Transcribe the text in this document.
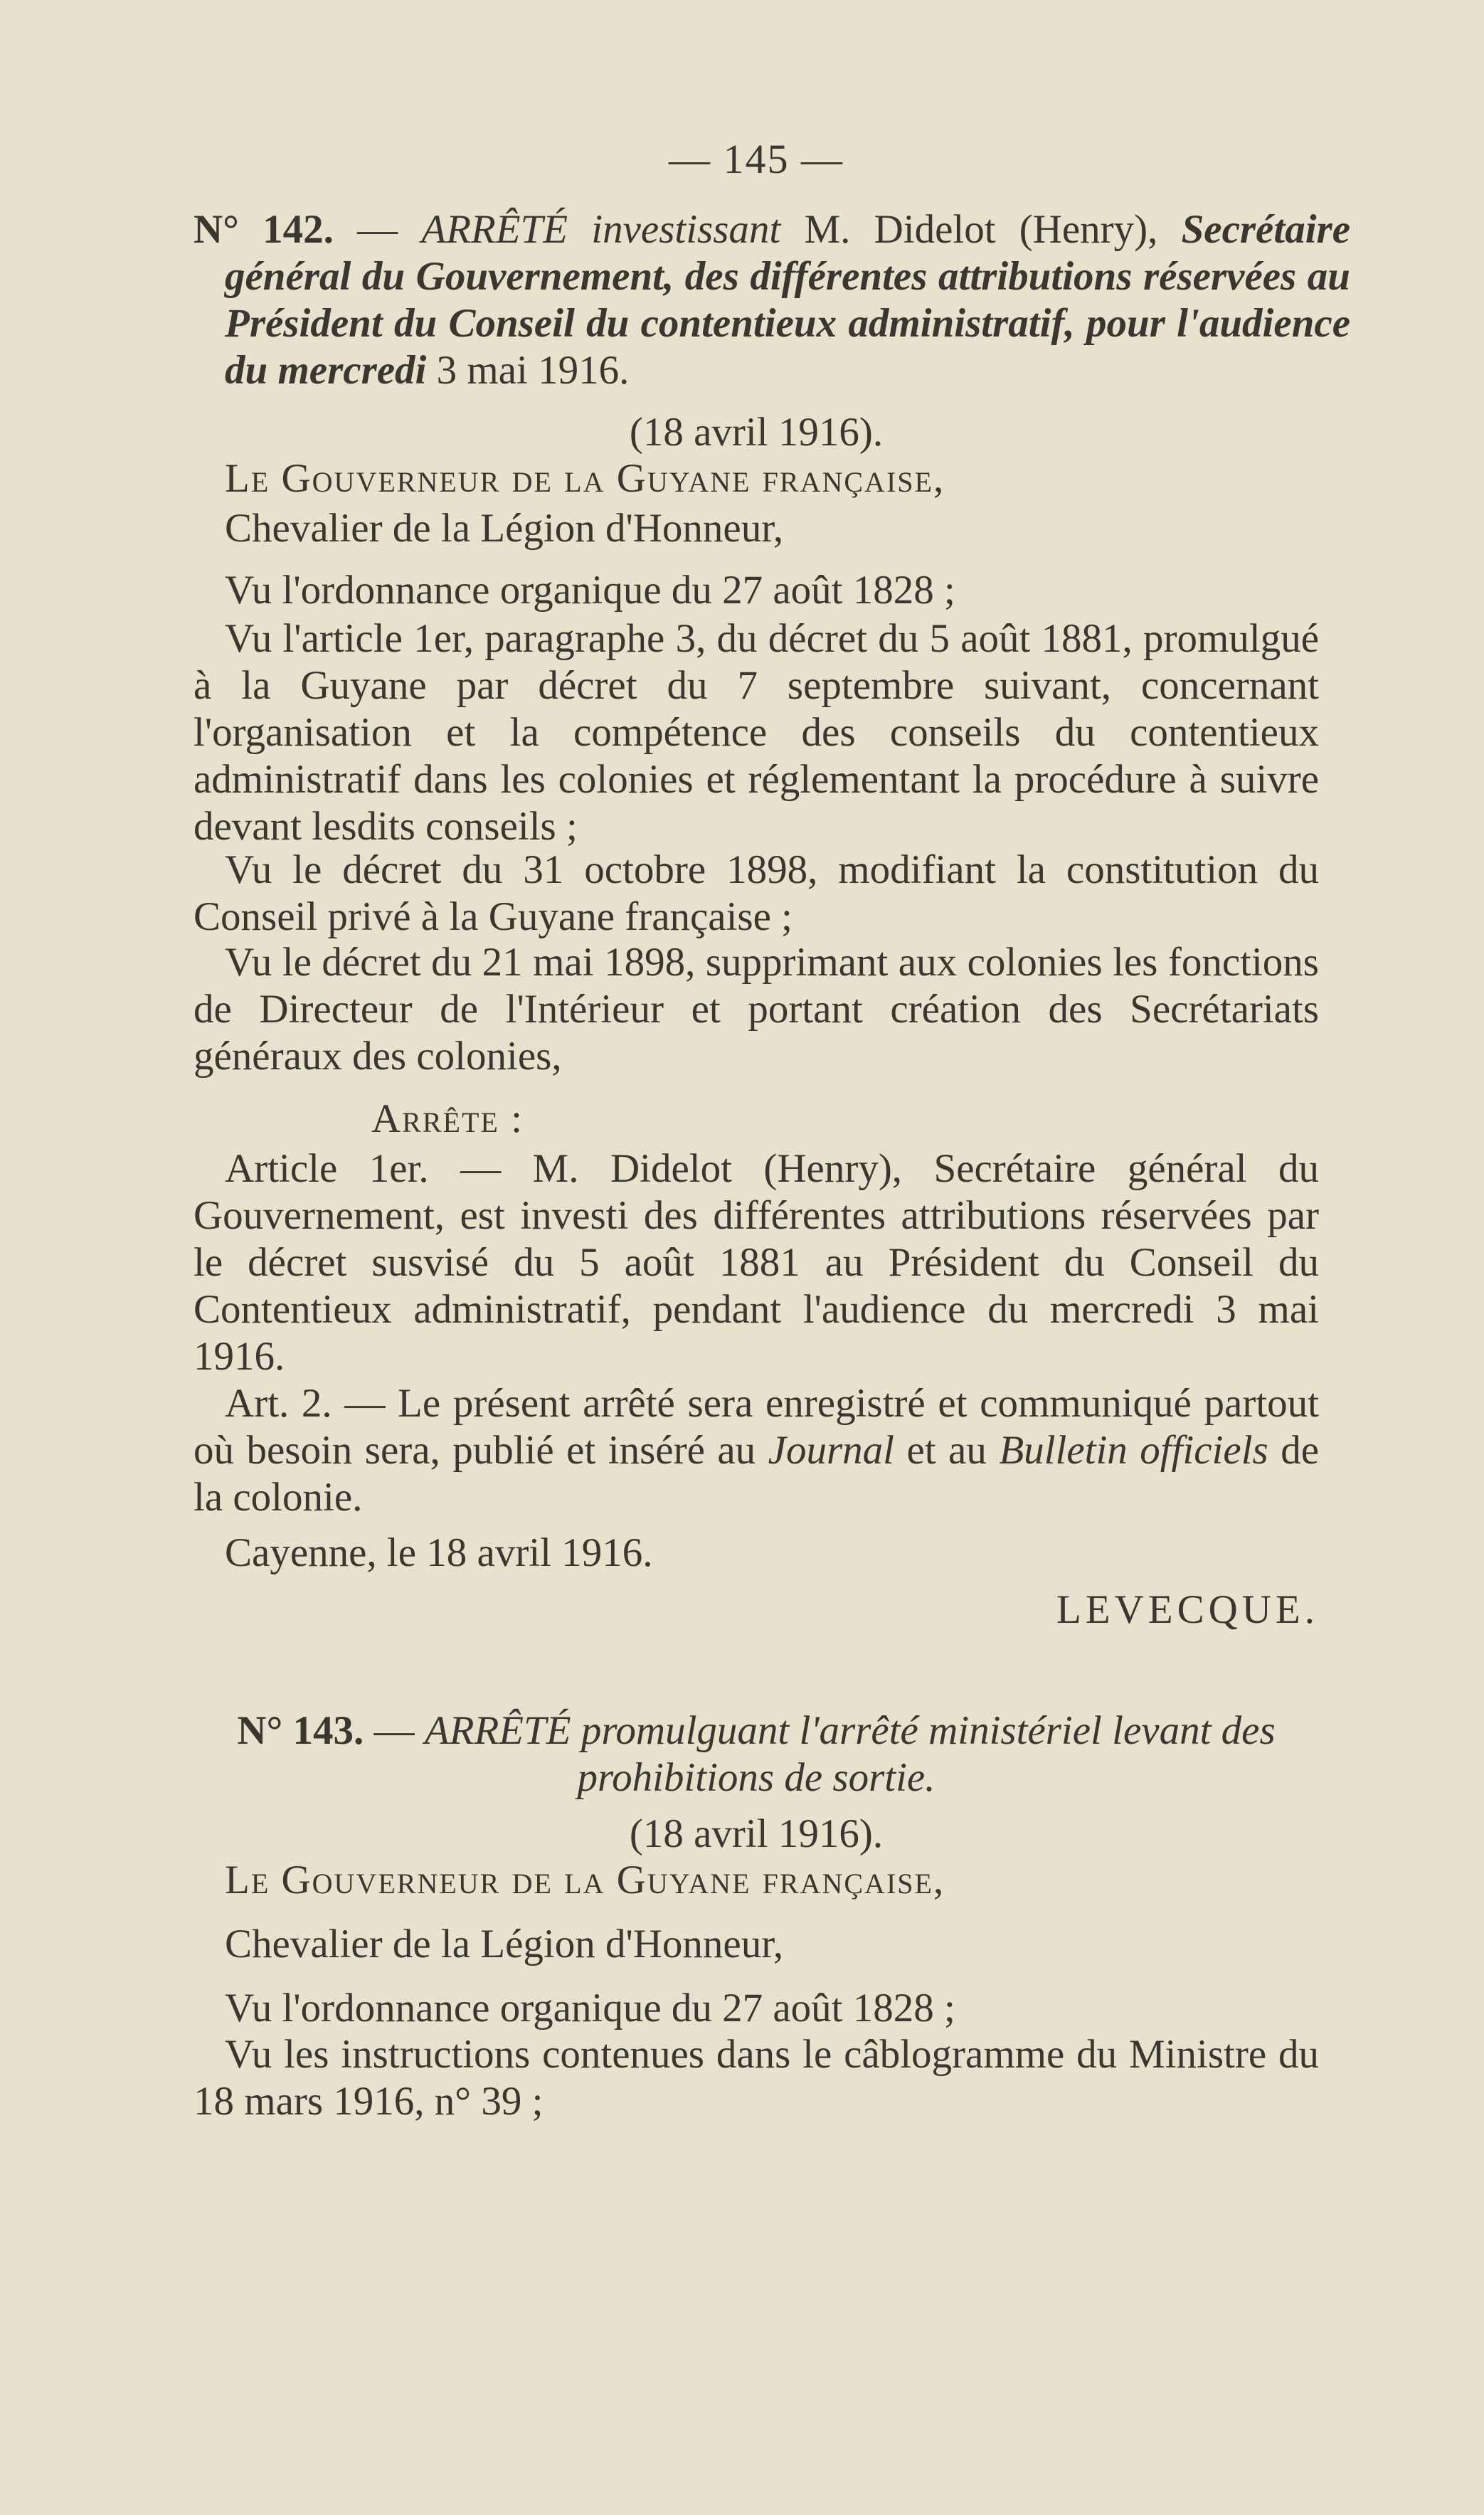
— 145 —

N° 142. — ARRÊTÉ investissant M. Didelot (Henry), Secrétaire général du Gouvernement, des différentes attributions réservées au Président du Conseil du contentieux administratif, pour l'audience du mercredi 3 mai 1916.

(18 avril 1916).

Le Gouverneur de la Guyane française,

Chevalier de la Légion d'Honneur,

Vu l'ordonnance organique du 27 août 1828 ;

Vu l'article 1er, paragraphe 3, du décret du 5 août 1881, promulgué à la Guyane par décret du 7 septembre suivant, concernant l'organisation et la compétence des conseils du contentieux administratif dans les colonies et réglementant la procédure à suivre devant lesdits conseils ;

Vu le décret du 31 octobre 1898, modifiant la constitution du Conseil privé à la Guyane française ;

Vu le décret du 21 mai 1898, supprimant aux colonies les fonctions de Directeur de l'Intérieur et portant création des Secrétariats généraux des colonies,

Arrête :

Article 1er. — M. Didelot (Henry), Secrétaire général du Gouvernement, est investi des différentes attributions réservées par le décret susvisé du 5 août 1881 au Président du Conseil du Contentieux administratif, pendant l'audience du mercredi 3 mai 1916.

Art. 2. — Le présent arrêté sera enregistré et communiqué partout où besoin sera, publié et inséré au Journal et au Bulletin officiels de la colonie.

Cayenne, le 18 avril 1916.

LEVECQUE.

N° 143. — ARRÊTÉ promulguant l'arrêté ministériel levant des prohibitions de sortie.

(18 avril 1916).

Le Gouverneur de la Guyane française,

Chevalier de la Légion d'Honneur,

Vu l'ordonnance organique du 27 août 1828 ;

Vu les instructions contenues dans le câblogramme du Ministre du 18 mars 1916, n° 39 ;
